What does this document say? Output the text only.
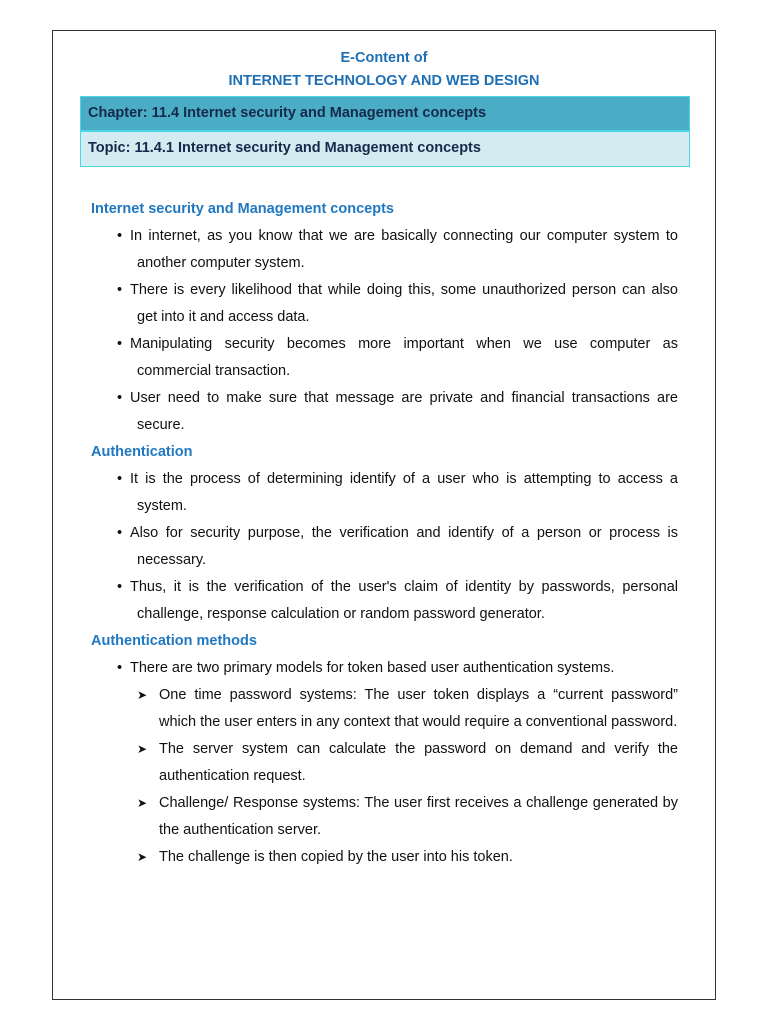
E-Content of
INTERNET TECHNOLOGY AND WEB DESIGN
Chapter: 11.4 Internet security and Management concepts
Topic: 11.4.1 Internet security and Management concepts
Internet security and Management concepts
• In internet, as you know that we are basically connecting our computer system to another computer system.
• There is every likelihood that while doing this, some unauthorized person can also get into it and access data.
• Manipulating security becomes more important when we use computer as commercial transaction.
• User need to make sure that message are private and financial transactions are secure.
Authentication
• It is the process of determining identify of a user who is attempting to access a system.
• Also for security purpose, the verification and identify of a person or process is necessary.
• Thus, it is the verification of the user's claim of identity by passwords, personal challenge, response calculation or random password generator.
Authentication methods
• There are two primary models for token based user authentication systems.
➤ One time password systems: The user token displays a “current password” which the user enters in any context that would require a conventional password.
➤ The server system can calculate the password on demand and verify the authentication request.
➤ Challenge/ Response systems: The user first receives a challenge generated by the authentication server.
➤ The challenge is then copied by the user into his token.
